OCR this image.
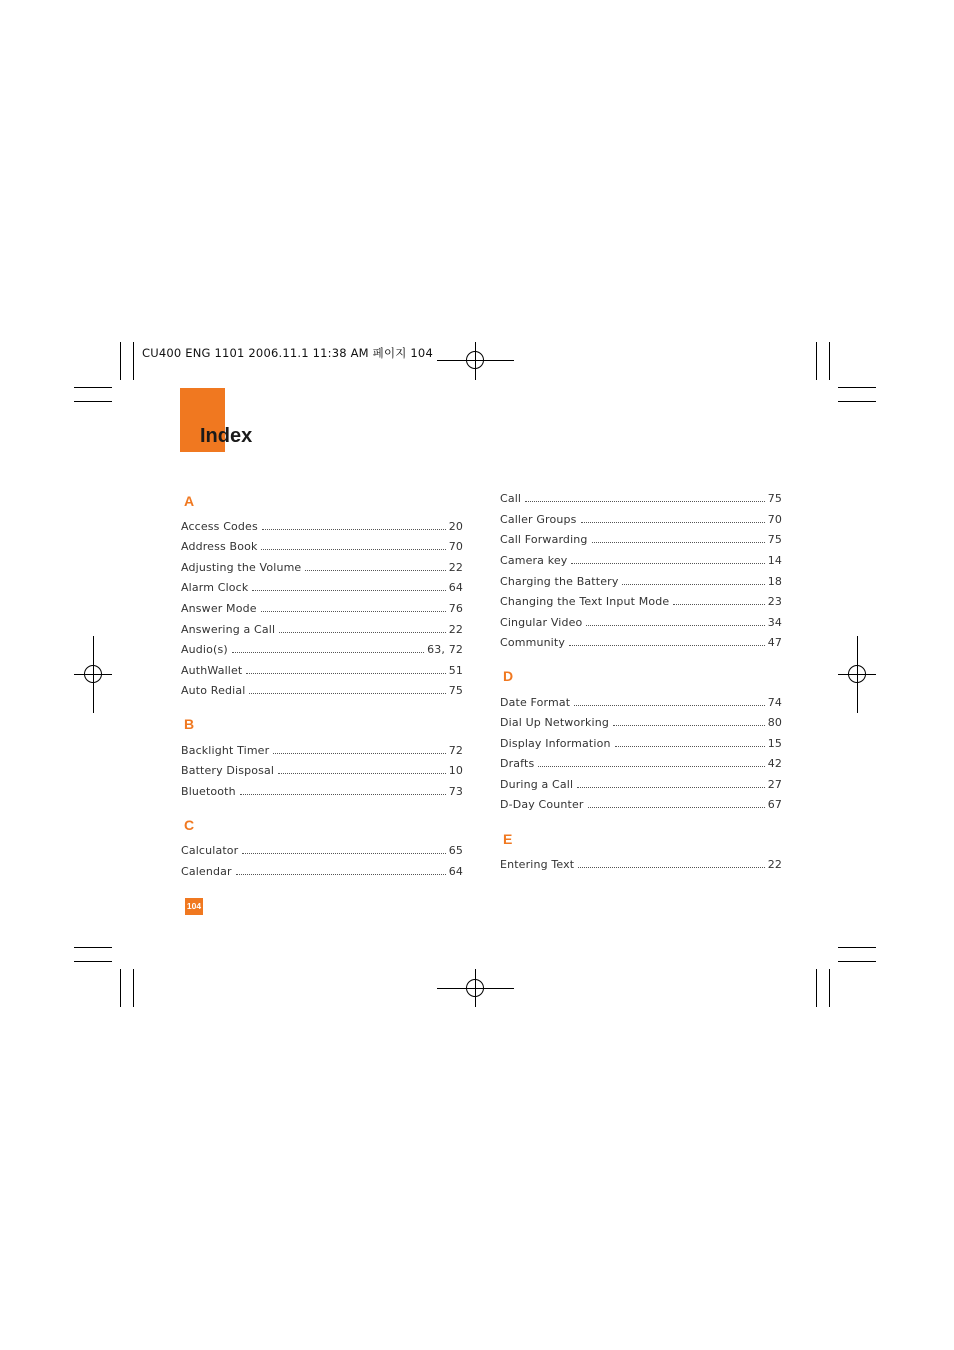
CU400 ENG 1101 2006.11.1 11:38 AM 페이지 104
Index
A
Access Codes	20
Address Book	70
Adjusting the Volume	22
Alarm Clock	64
Answer Mode	76
Answering a Call	22
Audio(s)	63, 72
AuthWallet	51
Auto Redial	75
B
Backlight Timer	72
Battery Disposal	10
Bluetooth	73
C
Calculator	65
Calendar	64
Call	75
Caller Groups	70
Call Forwarding	75
Camera key	14
Charging the Battery	18
Changing the Text Input Mode	23
Cingular Video	34
Community	47
D
Date Format	74
Dial Up Networking	80
Display Information	15
Drafts	42
During a Call	27
D-Day Counter	67
E
Entering Text	22
104
